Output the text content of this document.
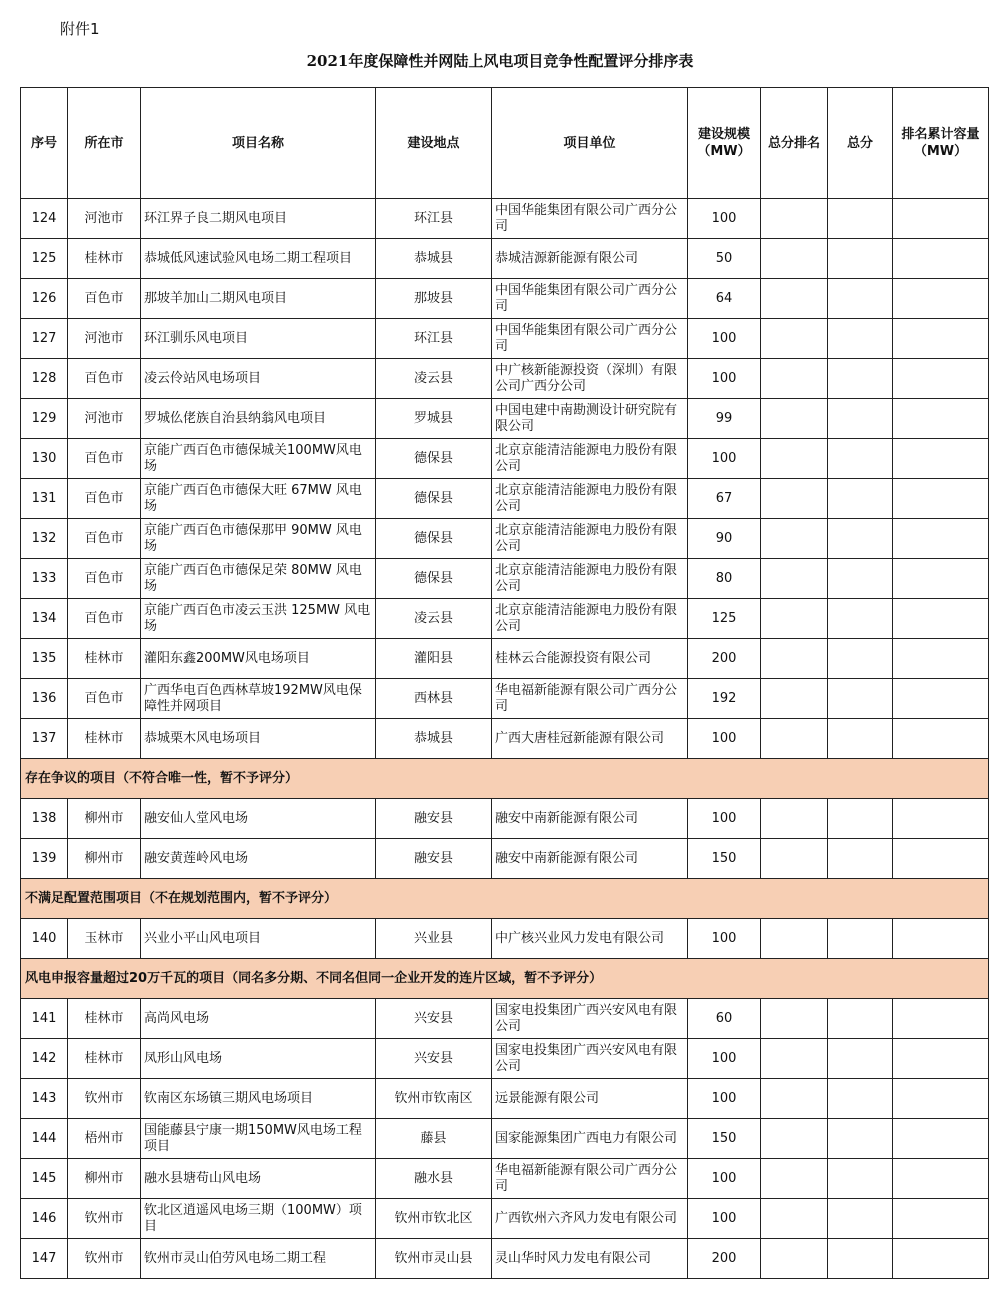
附件1
2021年度保障性并网陆上风电项目竞争性配置评分排序表
序号	所在市	项目名称	建设地点	项目单位	建设规模（MW）	总分排名	总分	排名累计容量（MW）
124	河池市	环江界子良二期风电项目	环江县	中国华能集团有限公司广西分公司	100			
125	桂林市	恭城低风速试验风电场二期工程项目	恭城县	恭城洁源新能源有限公司	50			
126	百色市	那坡羊加山二期风电项目	那坡县	中国华能集团有限公司广西分公司	64			
127	河池市	环江驯乐风电项目	环江县	中国华能集团有限公司广西分公司	100			
128	百色市	凌云伶站风电场项目	凌云县	中广核新能源投资（深圳）有限公司广西分公司	100			
129	河池市	罗城仫佬族自治县纳翁风电项目	罗城县	中国电建中南勘测设计研究院有限公司	99			
130	百色市	京能广西百色市德保城关100MW风电场	德保县	北京京能清洁能源电力股份有限公司	100			
131	百色市	京能广西百色市德保大旺 67MW 风电场	德保县	北京京能清洁能源电力股份有限公司	67			
132	百色市	京能广西百色市德保那甲 90MW 风电场	德保县	北京京能清洁能源电力股份有限公司	90			
133	百色市	京能广西百色市德保足荣 80MW 风电场	德保县	北京京能清洁能源电力股份有限公司	80			
134	百色市	京能广西百色市凌云玉洪 125MW 风电场	凌云县	北京京能清洁能源电力股份有限公司	125			
135	桂林市	灌阳东鑫200MW风电场项目	灌阳县	桂林云合能源投资有限公司	200			
136	百色市	广西华电百色西林草坡192MW风电保障性并网项目	西林县	华电福新能源有限公司广西分公司	192			
137	桂林市	恭城栗木风电场项目	恭城县	广西大唐桂冠新能源有限公司	100			
存在争议的项目（不符合唯一性，暂不予评分）								
138	柳州市	融安仙人堂风电场	融安县	融安中南新能源有限公司	100			
139	柳州市	融安黄莲岭风电场	融安县	融安中南新能源有限公司	150			
不满足配置范围项目（不在规划范围内，暂不予评分）								
140	玉林市	兴业小平山风电项目	兴业县	中广核兴业风力发电有限公司	100			
风电申报容量超过20万千瓦的项目（同名多分期、不同名但同一企业开发的连片区域，暂不予评分）								
141	桂林市	高尚风电场	兴安县	国家电投集团广西兴安风电有限公司	60			
142	桂林市	凤形山风电场	兴安县	国家电投集团广西兴安风电有限公司	100			
143	钦州市	钦南区东场镇三期风电场项目	钦州市钦南区	远景能源有限公司	100			
144	梧州市	国能藤县宁康一期150MW风电场工程项目	藤县	国家能源集团广西电力有限公司	150			
145	柳州市	融水县塘苟山风电场	融水县	华电福新能源有限公司广西分公司	100			
146	钦州市	钦北区逍遥风电场三期（100MW）项目	钦州市钦北区	广西钦州六齐风力发电有限公司	100			
147	钦州市	钦州市灵山伯劳风电场二期工程	钦州市灵山县	灵山华时风力发电有限公司	200			
